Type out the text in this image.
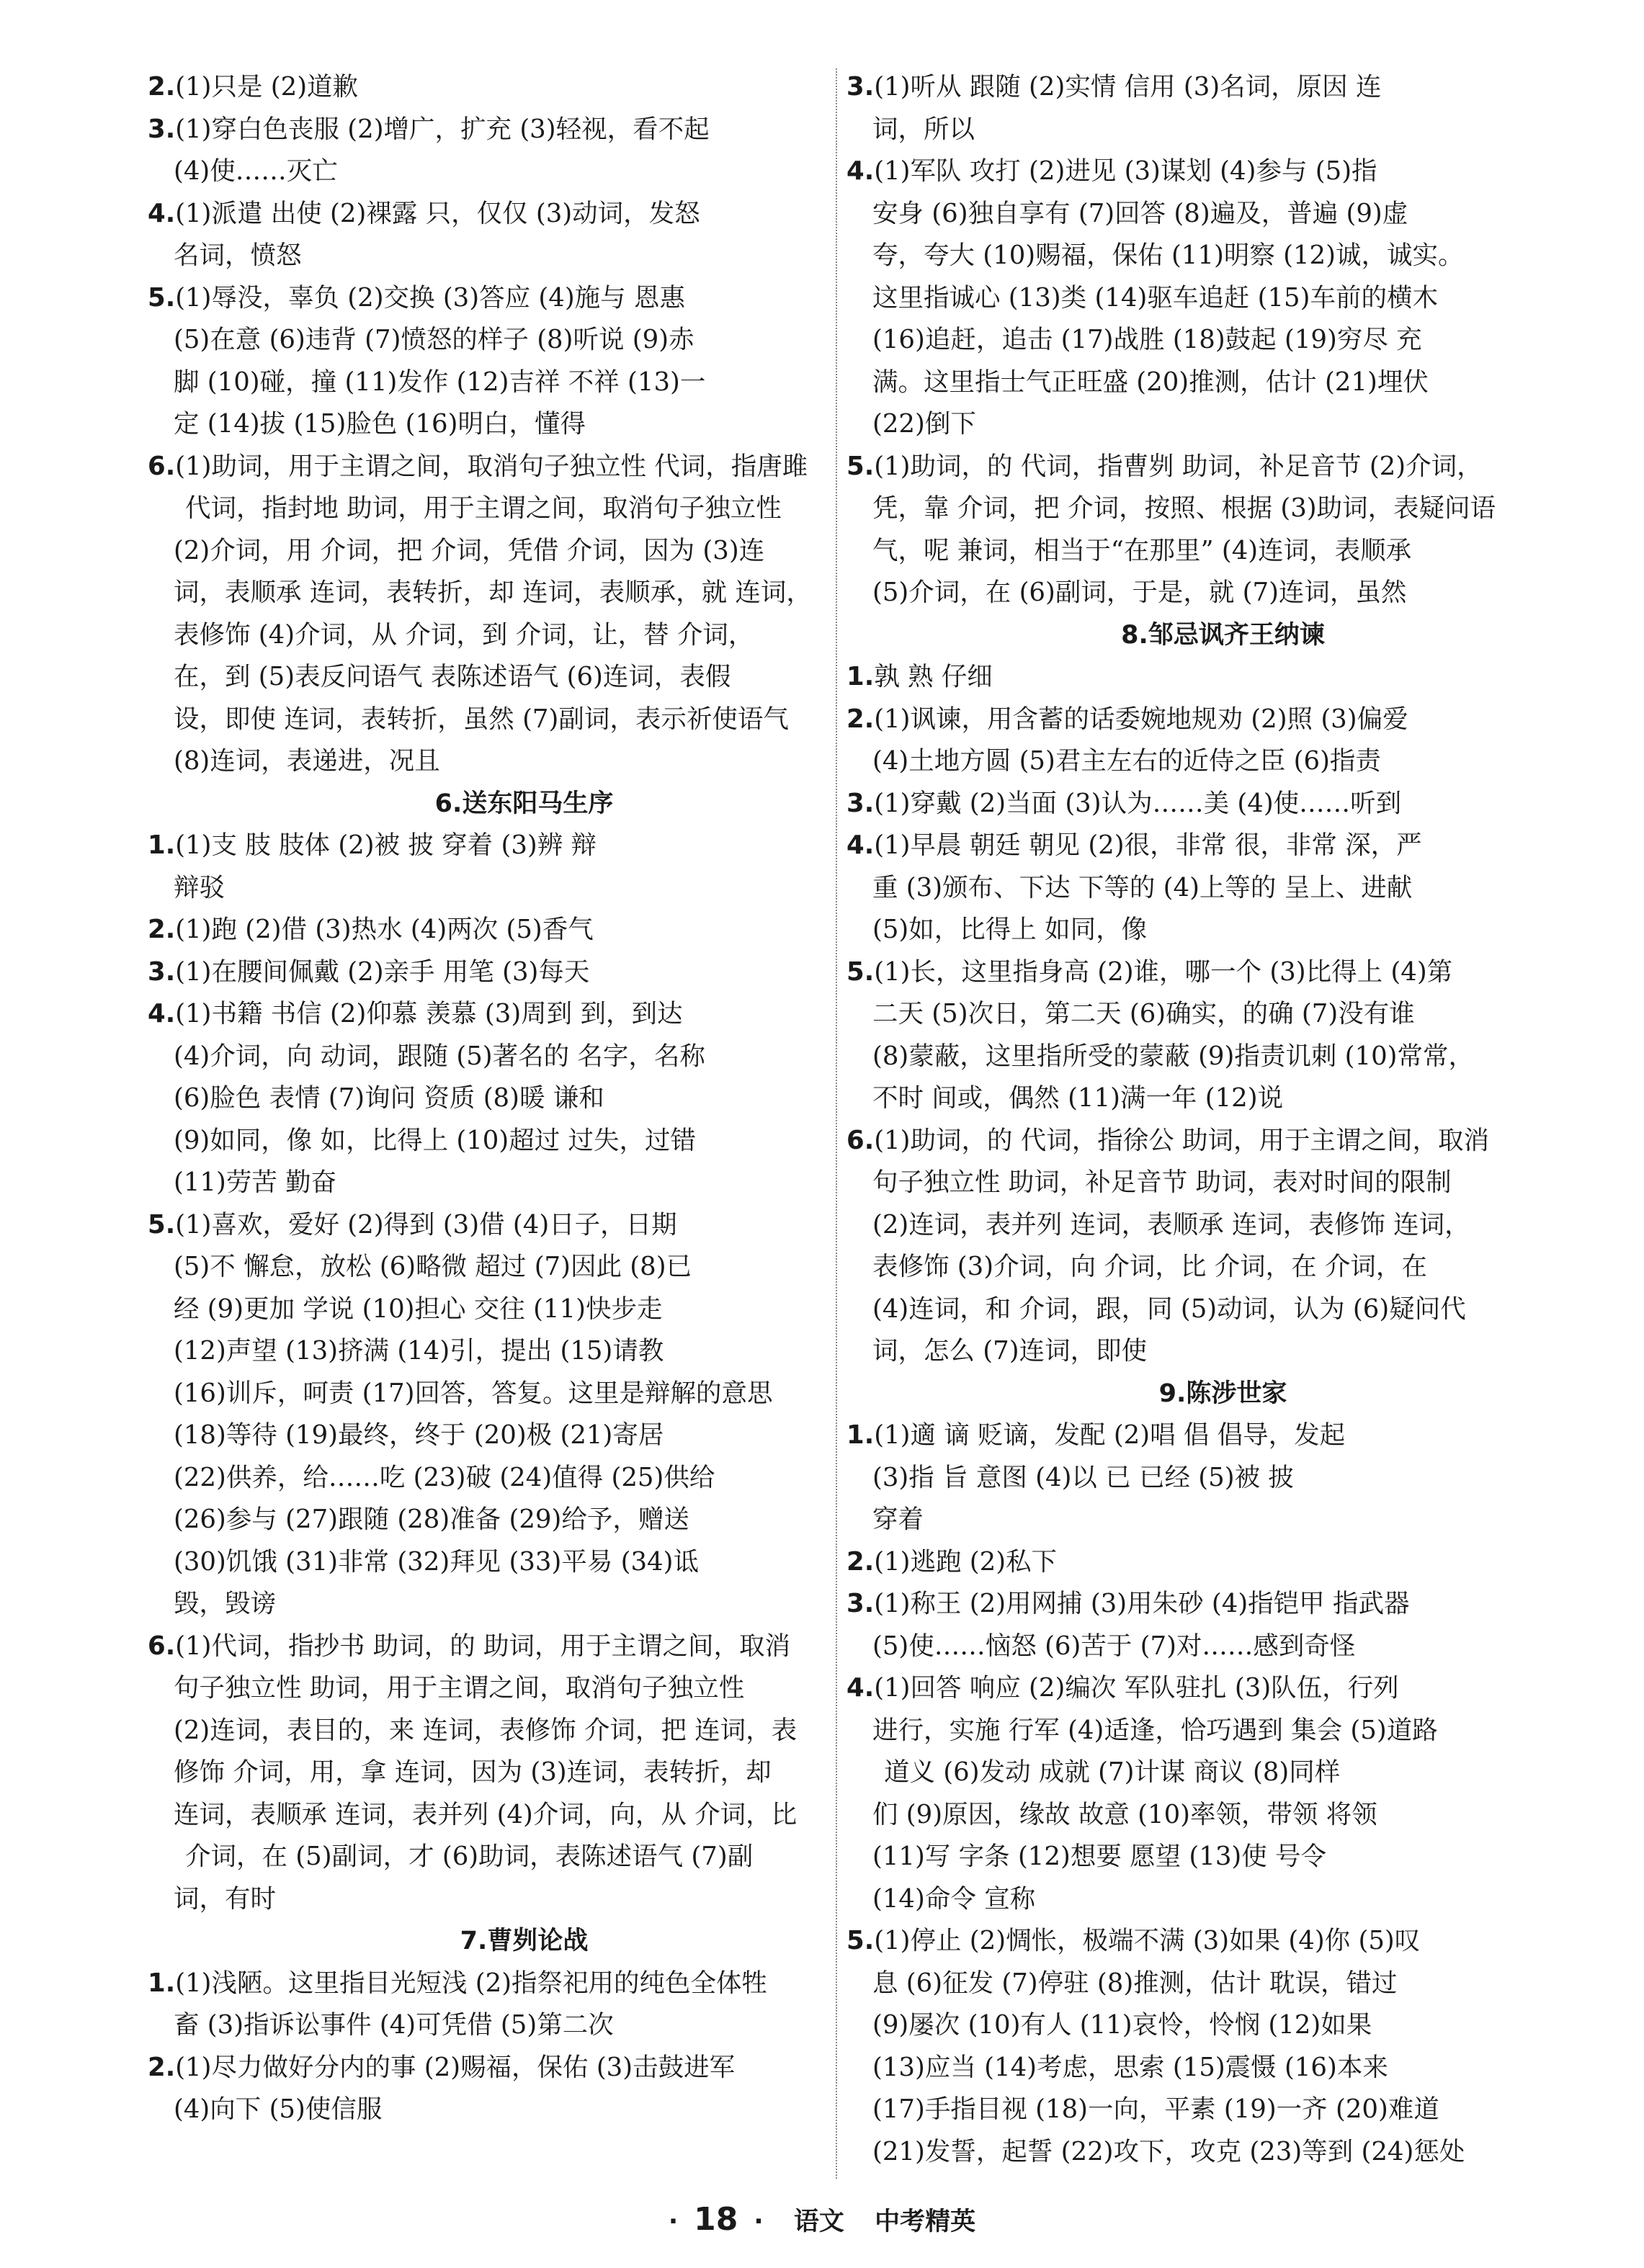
2.(1)只是 (2)道歉
3.(1)穿白色丧服 (2)增广，扩充 (3)轻视，看不起
(4)使……灭亡
4.(1)派遣 出使 (2)裸露 只，仅仅 (3)动词，发怒
名词，愤怒
5.(1)辱没，辜负 (2)交换 (3)答应 (4)施与 恩惠
(5)在意 (6)违背 (7)愤怒的样子 (8)听说 (9)赤
脚 (10)碰，撞 (11)发作 (12)吉祥 不祥 (13)一
定 (14)拔 (15)脸色 (16)明白，懂得
6.(1)助词，用于主谓之间，取消句子独立性 代词，指唐雎
代词，指封地 助词，用于主谓之间，取消句子独立性
(2)介词，用 介词，把 介词，凭借 介词，因为 (3)连
词，表顺承 连词，表转折，却 连词，表顺承，就 连词，
表修饰 (4)介词，从 介词，到 介词，让，替 介词，
在，到 (5)表反问语气 表陈述语气 (6)连词，表假
设，即使 连词，表转折，虽然 (7)副词，表示祈使语气
(8)连词，表递进，况且
6.送东阳马生序
1.(1)支 肢 肢体 (2)被 披 穿着 (3)辨 辩
辩驳
2.(1)跑 (2)借 (3)热水 (4)两次 (5)香气
3.(1)在腰间佩戴 (2)亲手 用笔 (3)每天
4.(1)书籍 书信 (2)仰慕 羡慕 (3)周到 到，到达
(4)介词，向 动词，跟随 (5)著名的 名字，名称
(6)脸色 表情 (7)询问 资质 (8)暖 谦和
(9)如同，像 如，比得上 (10)超过 过失，过错
(11)劳苦 勤奋
5.(1)喜欢，爱好 (2)得到 (3)借 (4)日子，日期
(5)不 懈怠，放松 (6)略微 超过 (7)因此 (8)已
经 (9)更加 学说 (10)担心 交往 (11)快步走
(12)声望 (13)挤满 (14)引，提出 (15)请教
(16)训斥，呵责 (17)回答，答复。这里是辩解的意思
(18)等待 (19)最终，终于 (20)极 (21)寄居
(22)供养，给……吃 (23)破 (24)值得 (25)供给
(26)参与 (27)跟随 (28)准备 (29)给予，赠送
(30)饥饿 (31)非常 (32)拜见 (33)平易 (34)诋
毁，毁谤
6.(1)代词，指抄书 助词，的 助词，用于主谓之间，取消
句子独立性 助词，用于主谓之间，取消句子独立性
(2)连词，表目的，来 连词，表修饰 介词，把 连词，表
修饰 介词，用，拿 连词，因为 (3)连词，表转折，却
连词，表顺承 连词，表并列 (4)介词，向，从 介词，比
介词，在 (5)副词，才 (6)助词，表陈述语气 (7)副
词，有时
7.曹刿论战
1.(1)浅陋。这里指目光短浅 (2)指祭祀用的纯色全体牲
畜 (3)指诉讼事件 (4)可凭借 (5)第二次
2.(1)尽力做好分内的事 (2)赐福，保佑 (3)击鼓进军
(4)向下 (5)使信服
3.(1)听从 跟随 (2)实情 信用 (3)名词，原因 连
词，所以
4.(1)军队 攻打 (2)进见 (3)谋划 (4)参与 (5)指
安身 (6)独自享有 (7)回答 (8)遍及，普遍 (9)虚
夸，夸大 (10)赐福，保佑 (11)明察 (12)诚，诚实。
这里指诚心 (13)类 (14)驱车追赶 (15)车前的横木
(16)追赶，追击 (17)战胜 (18)鼓起 (19)穷尽 充
满。这里指士气正旺盛 (20)推测，估计 (21)埋伏
(22)倒下
5.(1)助词，的 代词，指曹刿 助词，补足音节 (2)介词，
凭，靠 介词，把 介词，按照、根据 (3)助词，表疑问语
气，呢 兼词，相当于“在那里” (4)连词，表顺承
(5)介词，在 (6)副词，于是，就 (7)连词，虽然
8.邹忌讽齐王纳谏
1.孰 熟 仔细
2.(1)讽谏，用含蓄的话委婉地规劝 (2)照 (3)偏爱
(4)土地方圆 (5)君主左右的近侍之臣 (6)指责
3.(1)穿戴 (2)当面 (3)认为……美 (4)使……听到
4.(1)早晨 朝廷 朝见 (2)很，非常 很，非常 深，严
重 (3)颁布、下达 下等的 (4)上等的 呈上、进献
(5)如，比得上 如同，像
5.(1)长，这里指身高 (2)谁，哪一个 (3)比得上 (4)第
二天 (5)次日，第二天 (6)确实，的确 (7)没有谁
(8)蒙蔽，这里指所受的蒙蔽 (9)指责讥刺 (10)常常，
不时 间或，偶然 (11)满一年 (12)说
6.(1)助词，的 代词，指徐公 助词，用于主谓之间，取消
句子独立性 助词，补足音节 助词，表对时间的限制
(2)连词，表并列 连词，表顺承 连词，表修饰 连词，
表修饰 (3)介词，向 介词，比 介词，在 介词，在
(4)连词，和 介词，跟，同 (5)动词，认为 (6)疑问代
词，怎么 (7)连词，即使
9.陈涉世家
1.(1)適 谪 贬谪，发配 (2)唱 倡 倡导，发起
(3)指 旨 意图 (4)以 已 已经 (5)被 披
穿着
2.(1)逃跑 (2)私下
3.(1)称王 (2)用网捕 (3)用朱砂 (4)指铠甲 指武器
(5)使……恼怒 (6)苦于 (7)对……感到奇怪
4.(1)回答 响应 (2)编次 军队驻扎 (3)队伍，行列
进行，实施 行军 (4)适逢，恰巧遇到 集会 (5)道路
道义 (6)发动 成就 (7)计谋 商议 (8)同样
们 (9)原因，缘故 故意 (10)率领，带领 将领
(11)写 字条 (12)想要 愿望 (13)使 号令
(14)命令 宣称
5.(1)停止 (2)惆怅，极端不满 (3)如果 (4)你 (5)叹
息 (6)征发 (7)停驻 (8)推测，估计 耽误，错过
(9)屡次 (10)有人 (11)哀怜，怜悯 (12)如果
(13)应当 (14)考虑，思索 (15)震慑 (16)本来
(17)手指目视 (18)一向，平素 (19)一齐 (20)难道
(21)发誓，起誓 (22)攻下，攻克 (23)等到 (24)惩处
· 18 · 语文 中考精英
